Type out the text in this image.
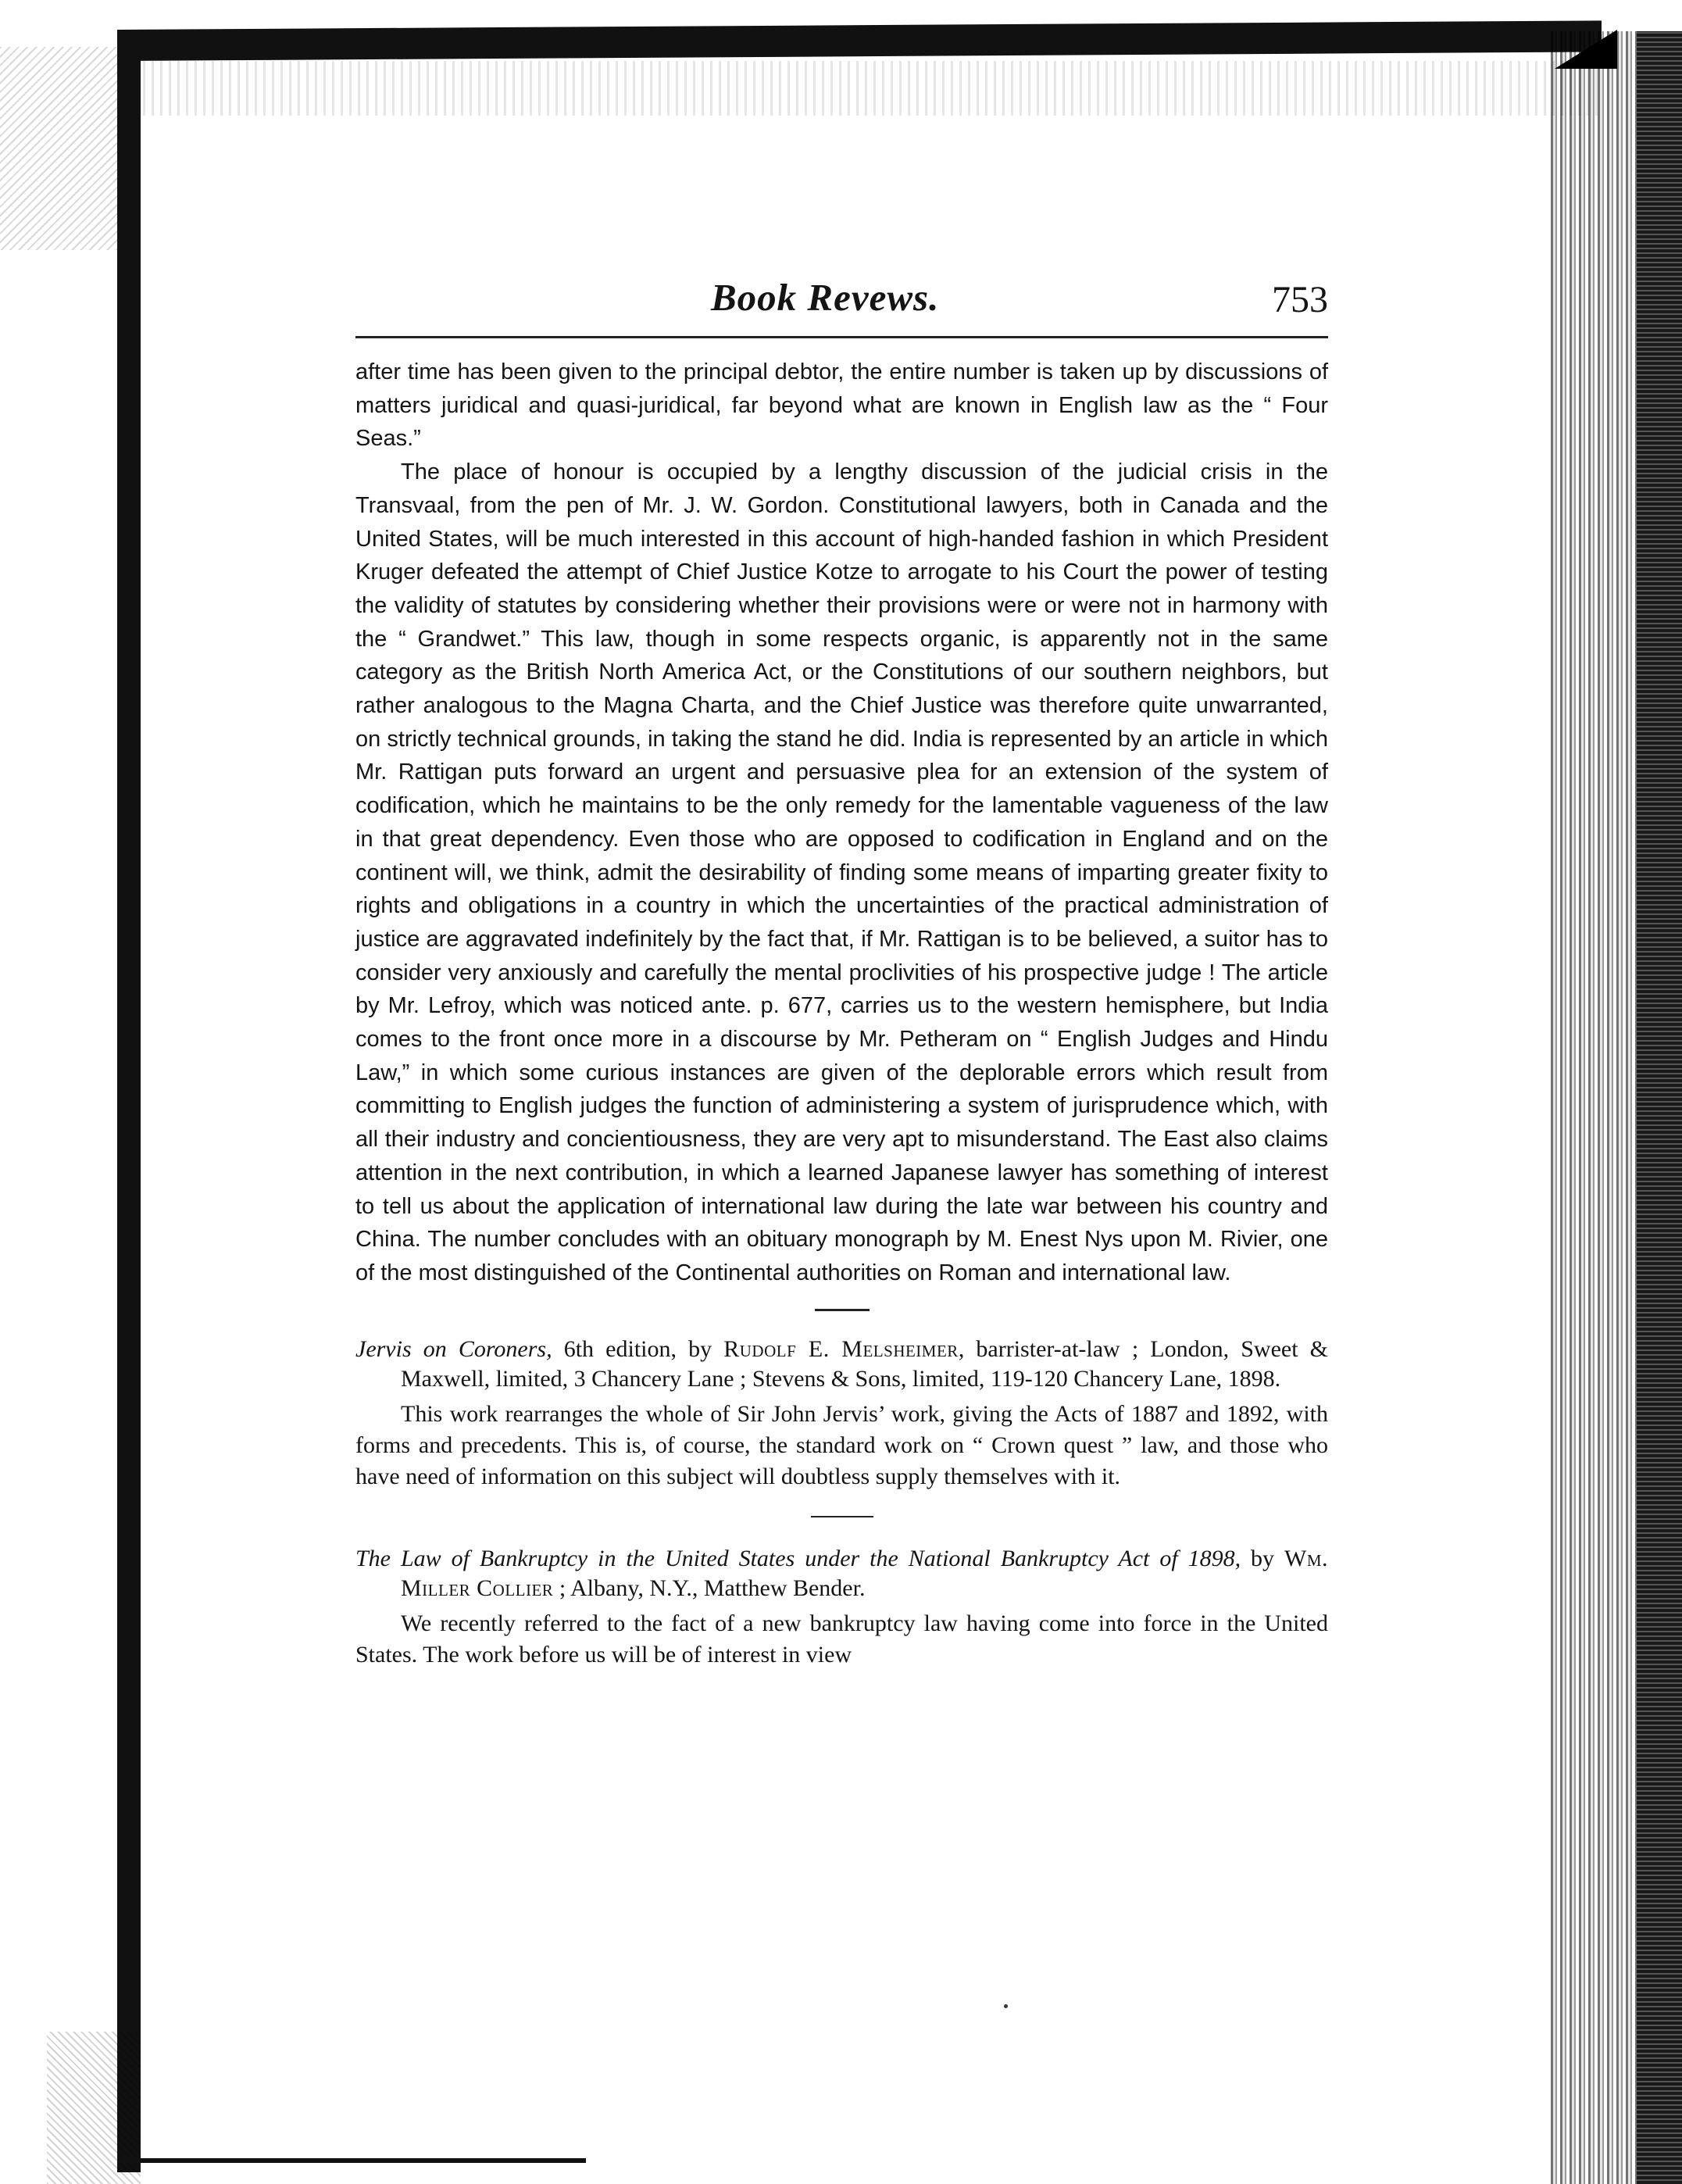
Book Revews.	753

after time has been given to the principal debtor, the entire number is taken up by discussions of matters juridical and quasi-juridical, far beyond what are known in English law as the “ Four Seas.”

The place of honour is occupied by a lengthy discussion of the judicial crisis in the Transvaal, from the pen of Mr. J. W. Gordon. Constitutional lawyers, both in Canada and the United States, will be much interested in this account of high-handed fashion in which President Kruger defeated the attempt of Chief Justice Kotze to arrogate to his Court the power of testing the validity of statutes by considering whether their provisions were or were not in harmony with the “ Grandwet.” This law, though in some respects organic, is apparently not in the same category as the British North America Act, or the Constitutions of our southern neighbors, but rather analogous to the Magna Charta, and the Chief Justice was therefore quite unwarranted, on strictly technical grounds, in taking the stand he did. India is represented by an article in which Mr. Rattigan puts forward an urgent and persuasive plea for an extension of the system of codification, which he maintains to be the only remedy for the lamentable vagueness of the law in that great dependency. Even those who are opposed to codification in England and on the continent will, we think, admit the desirability of finding some means of imparting greater fixity to rights and obligations in a country in which the uncertainties of the practical administration of justice are aggravated indefinitely by the fact that, if Mr. Rattigan is to be believed, a suitor has to consider very anxiously and carefully the mental proclivities of his prospective judge ! The article by Mr. Lefroy, which was noticed ante. p. 677, carries us to the western hemisphere, but India comes to the front once more in a discourse by Mr. Petheram on “ English Judges and Hindu Law,” in which some curious instances are given of the deplorable errors which result from committing to English judges the function of administering a system of jurisprudence which, with all their industry and concientiousness, they are very apt to misunderstand. The East also claims attention in the next contribution, in which a learned Japanese lawyer has something of interest to tell us about the application of international law during the late war between his country and China. The number concludes with an obituary monograph by M. Enest Nys upon M. Rivier, one of the most distinguished of the Continental authorities on Roman and international law.

Jervis on Coroners, 6th edition, by Rudolf E. Melsheimer, barrister-at-law ; London, Sweet & Maxwell, limited, 3 Chancery Lane ; Stevens & Sons, limited, 119-120 Chancery Lane, 1898.

This work rearranges the whole of Sir John Jervis’ work, giving the Acts of 1887 and 1892, with forms and precedents. This is, of course, the standard work on “ Crown quest ” law, and those who have need of information on this subject will doubtless supply themselves with it.

The Law of Bankruptcy in the United States under the National Bankruptcy Act of 1898, by Wm. Miller Collier ; Albany, N.Y., Matthew Bender.

We recently referred to the fact of a new bankruptcy law having come into force in the United States. The work before us will be of interest in view
